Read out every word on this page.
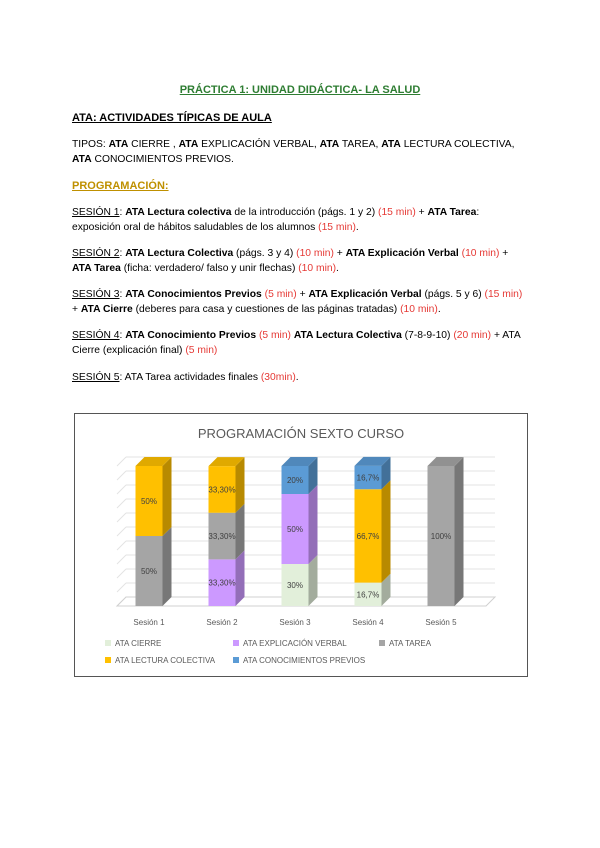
PRÁCTICA 1: UNIDAD DIDÁCTICA- LA SALUD
ATA: ACTIVIDADES TÍPICAS DE AULA
TIPOS: ATA CIERRE , ATA EXPLICACIÓN VERBAL, ATA TAREA, ATA LECTURA COLECTIVA, ATA CONOCIMIENTOS PREVIOS.
PROGRAMACIÓN:
SESIÓN 1: ATA Lectura colectiva de la introducción (págs. 1 y 2) (15 min) + ATA Tarea: exposición oral de hábitos saludables de los alumnos (15 min).
SESIÓN 2: ATA Lectura Colectiva (págs. 3 y 4) (10 min) + ATA Explicación Verbal (10 min) + ATA Tarea (ficha: verdadero/ falso y unir flechas) (10 min).
SESIÓN 3: ATA Conocimientos Previos (5 min) + ATA Explicación Verbal (págs. 5 y 6) (15 min) + ATA Cierre (deberes para casa y cuestiones de las páginas tratadas) (10 min).
SESIÓN 4: ATA Conocimiento Previos (5 min) ATA Lectura Colectiva (7-8-9-10) (20 min) + ATA Cierre (explicación final) (5 min)
SESIÓN 5: ATA Tarea actividades finales (30min).
PROGRAMACIÓN SEXTO CURSO
50%
50%
33,30%
33,30%
33,30%
30%
50%
20%
16,7%
66,7%
16,7%
100%
Sesión 1	Sesión 2	Sesión 3	Sesión 4	Sesión 5
ATA CIERRE	ATA EXPLICACIÓN VERBAL	ATA TAREA
ATA LECTURA COLECTIVA	ATA CONOCIMIENTOS PREVIOS
